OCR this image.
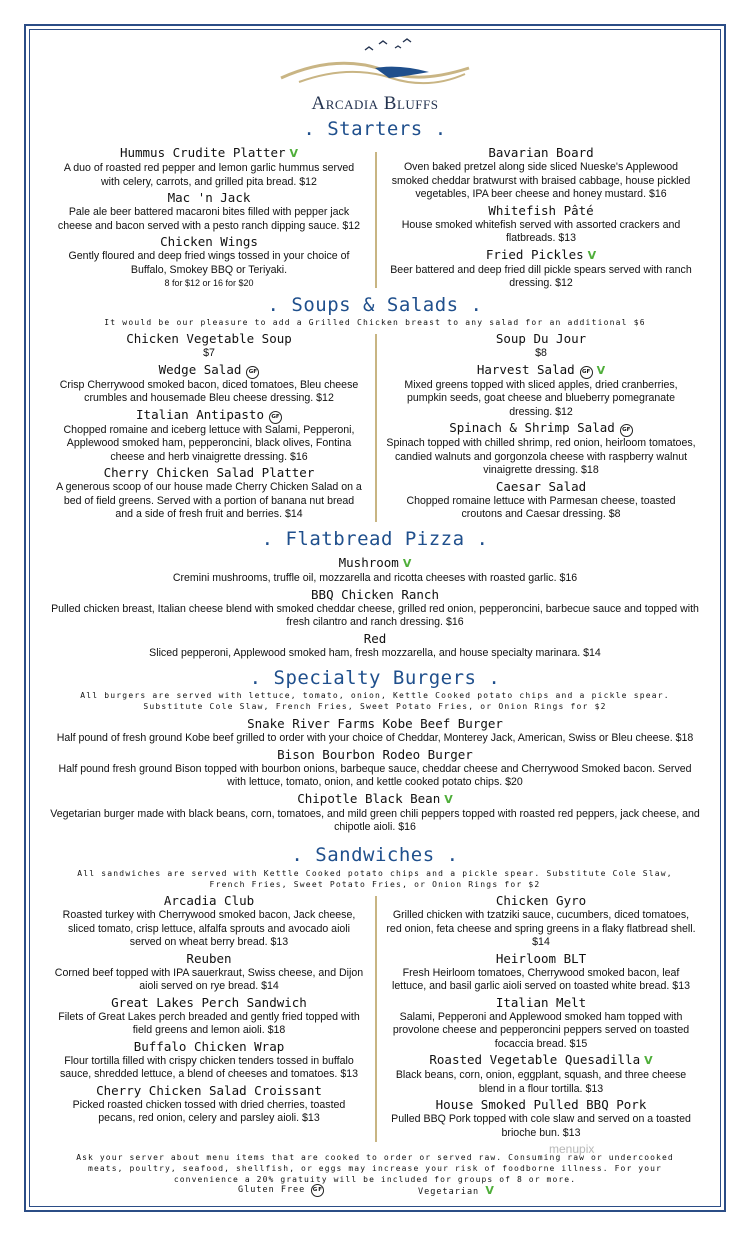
Arcadia Bluffs
. Starters .
Hummus Crudite Platter V
A duo of roasted red pepper and lemon garlic hummus served with celery, carrots, and grilled pita bread. $12
Mac 'n Jack
Pale ale beer battered macaroni bites filled with pepper jack cheese and bacon served with a pesto ranch dipping sauce. $12
Chicken Wings
Gently floured and deep fried wings tossed in your choice of Buffalo, Smokey BBQ or Teriyaki.
8 for $12 or 16 for $20
Bavarian Board
Oven baked pretzel along side sliced Nueske's Applewood smoked cheddar bratwurst with braised cabbage, house pickled vegetables, IPA beer cheese and honey mustard. $16
Whitefish Pâté
House smoked whitefish served with assorted crackers and flatbreads. $13
Fried Pickles V
Beer battered and deep fried dill pickle spears served with ranch dressing. $12
. Soups & Salads .
It would be our pleasure to add a Grilled Chicken breast to any salad for an additional $6
Chicken Vegetable Soup
$7
Wedge Salad GF
Crisp Cherrywood smoked bacon, diced tomatoes, Bleu cheese crumbles and housemade Bleu cheese dressing. $12
Italian Antipasto GF
Chopped romaine and iceberg lettuce with Salami, Pepperoni, Applewood smoked ham, pepperoncini, black olives, Fontina cheese and herb vinaigrette dressing. $16
Cherry Chicken Salad Platter
A generous scoop of our house made Cherry Chicken Salad on a bed of field greens. Served with a portion of banana nut bread and a side of fresh fruit and berries. $14
Soup Du Jour
$8
Harvest Salad GF V
Mixed greens topped with sliced apples, dried cranberries, pumpkin seeds, goat cheese and blueberry pomegranate dressing. $12
Spinach & Shrimp Salad GF
Spinach topped with chilled shrimp, red onion, heirloom tomatoes, candied walnuts and gorgonzola cheese with raspberry walnut vinaigrette dressing. $18
Caesar Salad
Chopped romaine lettuce with Parmesan cheese, toasted croutons and Caesar dressing. $8
. Flatbread Pizza .
Mushroom V
Cremini mushrooms, truffle oil, mozzarella and ricotta cheeses with roasted garlic. $16
BBQ Chicken Ranch
Pulled chicken breast, Italian cheese blend with smoked cheddar cheese, grilled red onion, pepperoncini, barbecue sauce and topped with fresh cilantro and ranch dressing. $16
Red
Sliced pepperoni, Applewood smoked ham, fresh mozzarella, and house specialty marinara. $14
. Specialty Burgers .
All burgers are served with lettuce, tomato, onion, Kettle Cooked potato chips and a pickle spear. Substitute Cole Slaw, French Fries, Sweet Potato Fries, or Onion Rings for $2
Snake River Farms Kobe Beef Burger
Half pound of fresh ground Kobe beef grilled to order with your choice of Cheddar, Monterey Jack, American, Swiss or Bleu cheese. $18
Bison Bourbon Rodeo Burger
Half pound fresh ground Bison topped with bourbon onions, barbeque sauce, cheddar cheese and Cherrywood Smoked bacon. Served with lettuce, tomato, onion, and kettle cooked potato chips. $20
Chipotle Black Bean V
Vegetarian burger made with black beans, corn, tomatoes, and mild green chili peppers topped with roasted red peppers, jack cheese, and chipotle aioli. $16
. Sandwiches .
All sandwiches are served with Kettle Cooked potato chips and a pickle spear. Substitute Cole Slaw, French Fries, Sweet Potato Fries, or Onion Rings for $2
Arcadia Club
Roasted turkey with Cherrywood smoked bacon, Jack cheese, sliced tomato, crisp lettuce, alfalfa sprouts and avocado aioli served on wheat berry bread. $13
Reuben
Corned beef topped with IPA sauerkraut, Swiss cheese, and Dijon aioli served on rye bread. $14
Great Lakes Perch Sandwich
Filets of Great Lakes perch breaded and gently fried topped with field greens and lemon aioli. $18
Buffalo Chicken Wrap
Flour tortilla filled with crispy chicken tenders tossed in buffalo sauce, shredded lettuce, a blend of cheeses and tomatoes. $13
Cherry Chicken Salad Croissant
Picked roasted chicken tossed with dried cherries, toasted pecans, red onion, celery and parsley aioli. $13
Chicken Gyro
Grilled chicken with tzatziki sauce, cucumbers, diced tomatoes, red onion, feta cheese and spring greens in a flaky flatbread shell. $14
Heirloom BLT
Fresh Heirloom tomatoes, Cherrywood smoked bacon, leaf lettuce, and basil garlic aioli served on toasted white bread. $13
Italian Melt
Salami, Pepperoni and Applewood smoked ham topped with provolone cheese and pepperoncini peppers served on toasted focaccia bread. $15
Roasted Vegetable Quesadilla V
Black beans, corn, onion, eggplant, squash, and three cheese blend in a flour tortilla. $13
House Smoked Pulled BBQ Pork
Pulled BBQ Pork topped with cole slaw and served on a toasted brioche bun. $13
menupix
Ask your server about menu items that are cooked to order or served raw. Consuming raw or undercooked meats, poultry, seafood, shellfish, or eggs may increase your risk of foodborne illness. For your convenience a 20% gratuity will be included for groups of 8 or more.
Gluten Free GF	Vegetarian V
